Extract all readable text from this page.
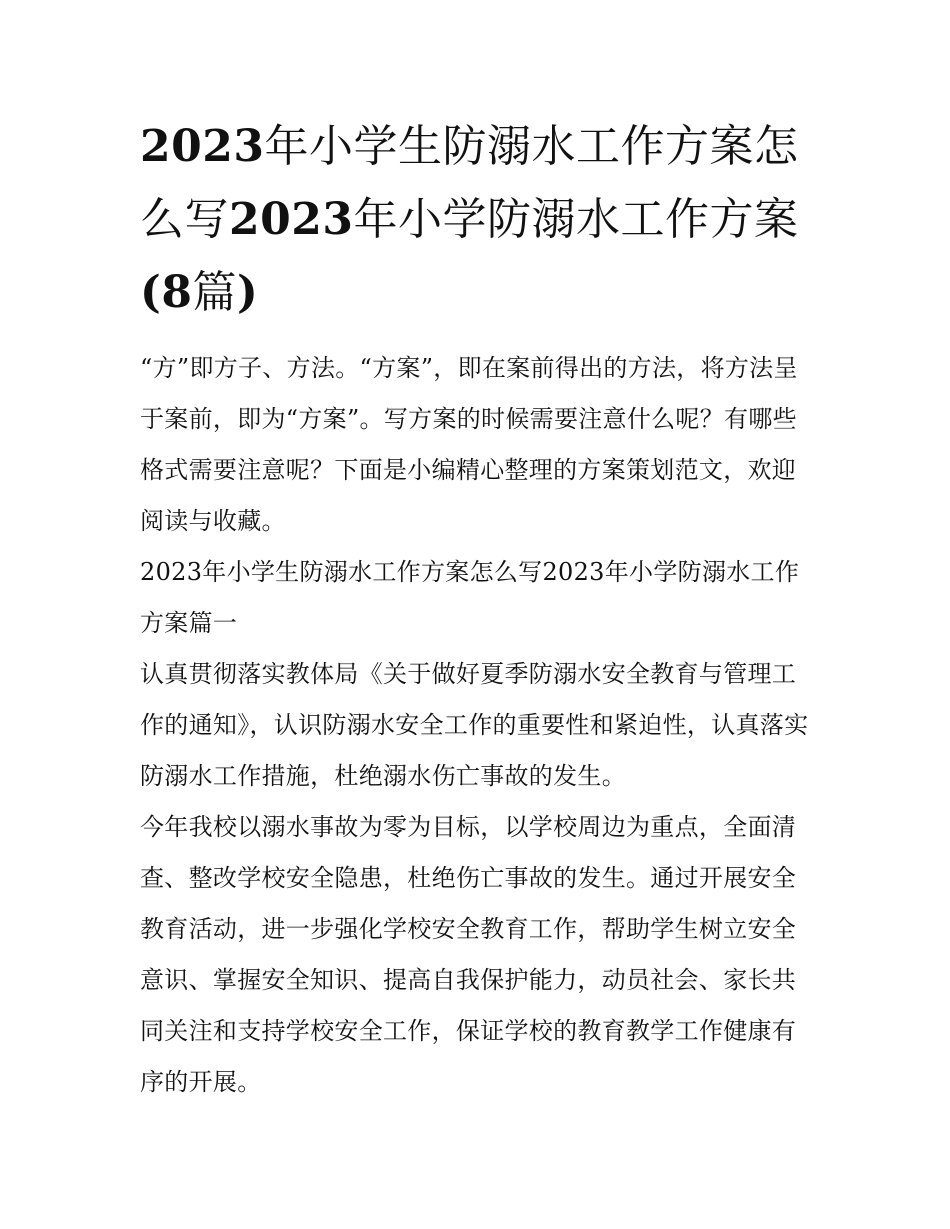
2023年小学生防溺水工作方案怎么写2023年小学防溺水工作方案(8篇)

“方”即方子、方法。“方案”，即在案前得出的方法，将方法呈于案前，即为“方案”。写方案的时候需要注意什么呢？有哪些格式需要注意呢？下面是小编精心整理的方案策划范文，欢迎阅读与收藏。

2023年小学生防溺水工作方案怎么写2023年小学防溺水工作方案篇一

认真贯彻落实教体局《关于做好夏季防溺水安全教育与管理工作的通知》，认识防溺水安全工作的重要性和紧迫性，认真落实防溺水工作措施，杜绝溺水伤亡事故的发生。

今年我校以溺水事故为零为目标，以学校周边为重点，全面清查、整改学校安全隐患，杜绝伤亡事故的发生。通过开展安全教育活动，进一步强化学校安全教育工作，帮助学生树立安全意识、掌握安全知识、提高自我保护能力，动员社会、家长共同关注和支持学校安全工作，保证学校的教育教学工作健康有序的开展。
